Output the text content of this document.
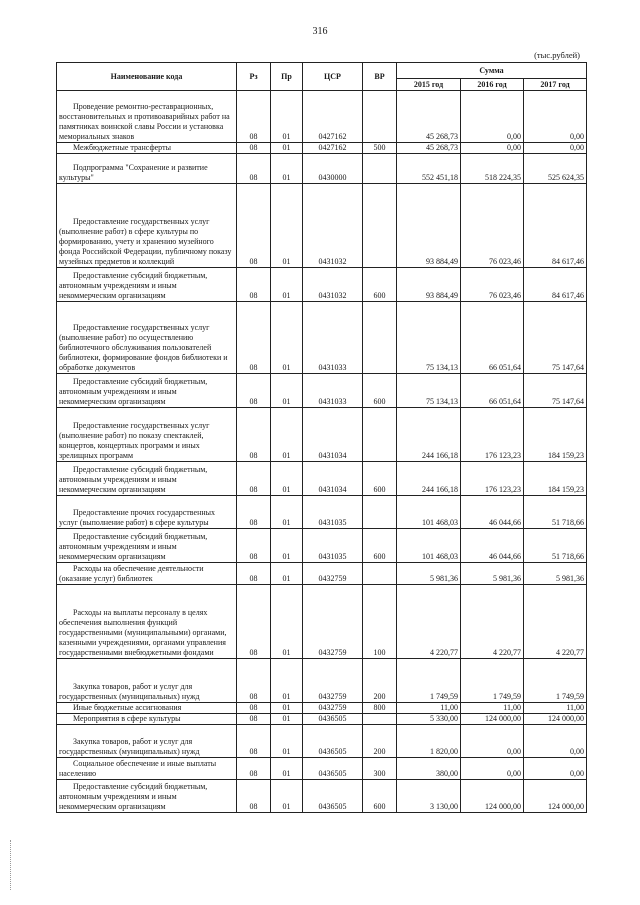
316
(тыс.рублей)
Наименование кода	Рз	Пр	ЦСР	ВР	Сумма		
					2015 год	2016 год	2017 год
Проведение ремонтно-реставрационных, восстановительных и противоаварийных работ на памятниках воинской славы России и установка мемориальных знаков	08	01	0427162		45 268,73	0,00	0,00
Межбюджетные трансферты	08	01	0427162	500	45 268,73	0,00	0,00
Подпрограмма "Сохранение и развитие культуры"	08	01	0430000		552 451,18	518 224,35	525 624,35
Предоставление государственных услуг (выполнение работ) в сфере культуры по формированию, учету и хранению музейного фонда Российской Федерации, публичному показу музейных предметов и коллекций	08	01	0431032		93 884,49	76 023,46	84 617,46
Предоставление субсидий бюджетным, автономным учреждениям и иным некоммерческим организациям	08	01	0431032	600	93 884,49	76 023,46	84 617,46
Предоставление государственных услуг (выполнение работ) по осуществлению библиотечного обслуживания пользователей библиотеки, формирование фондов библиотеки и обработке документов	08	01	0431033		75 134,13	66 051,64	75 147,64
Предоставление субсидий бюджетным, автономным учреждениям и иным некоммерческим организациям	08	01	0431033	600	75 134,13	66 051,64	75 147,64
Предоставление государственных услуг (выполнение работ) по показу спектаклей, концертов, концертных программ и иных зрелищных программ	08	01	0431034		244 166,18	176 123,23	184 159,23
Предоставление субсидий бюджетным, автономным учреждениям и иным некоммерческим организациям	08	01	0431034	600	244 166,18	176 123,23	184 159,23
Предоставление прочих государственных услуг (выполнение работ) в сфере культуры	08	01	0431035		101 468,03	46 044,66	51 718,66
Предоставление субсидий бюджетным, автономным учреждениям и иным некоммерческим организациям	08	01	0431035	600	101 468,03	46 044,66	51 718,66
Расходы на обеспечение деятельности (оказание услуг) библиотек	08	01	0432759		5 981,36	5 981,36	5 981,36
Расходы на выплаты персоналу в целях обеспечения выполнения функций государственными (муниципальными) органами, казенными учреждениями, органами управления государственными внебюджетными фондами	08	01	0432759	100	4 220,77	4 220,77	4 220,77
Закупка товаров, работ и услуг для государственных (муниципальных) нужд	08	01	0432759	200	1 749,59	1 749,59	1 749,59
Иные бюджетные ассигнования	08	01	0432759	800	11,00	11,00	11,00
Мероприятия в сфере культуры	08	01	0436505		5 330,00	124 000,00	124 000,00
Закупка товаров, работ и услуг для государственных (муниципальных) нужд	08	01	0436505	200	1 820,00	0,00	0,00
Социальное обеспечение и иные выплаты населению	08	01	0436505	300	380,00	0,00	0,00
Предоставление субсидий бюджетным, автономным учреждениям и иным некоммерческим организациям	08	01	0436505	600	3 130,00	124 000,00	124 000,00
